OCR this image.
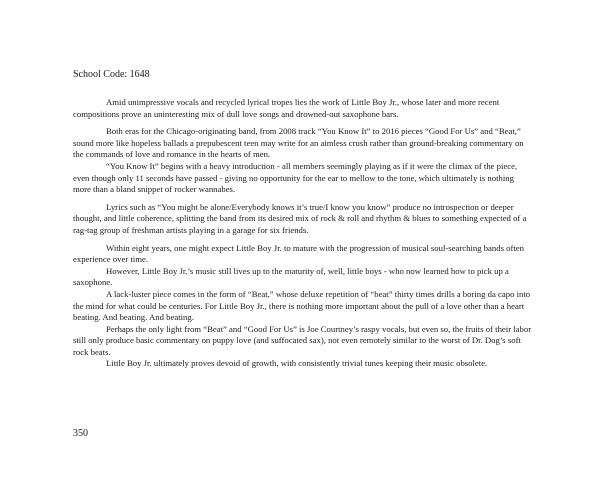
School Code: 1648

Amid unimpressive vocals and recycled lyrical tropes lies the work of Little Boy Jr., whose later and more recent compositions prove an uninteresting mix of dull love songs and drowned-out saxophone bars.

Both eras for the Chicago-originating band, from 2008 track “You Know It” to 2016 pieces “Good For Us” and “Beat,” sound more like hopeless ballads a prepubescent teen may write for an aimless crush rather than ground-breaking commentary on the commands of love and romance in the hearts of men.

“You Know It” begins with a heavy introduction - all members seemingly playing as if it were the climax of the piece, even though only 11 seconds have passed - giving no opportunity for the ear to mellow to the tone, which ultimately is nothing more than a bland snippet of rocker wannabes.

Lyrics such as “You might be alone/Everybody knows it’s true/I know you know” produce no introspection or deeper thought, and little coherence, splitting the band from its desired mix of rock & roll and rhythm & blues to something expected of a rag-tag group of freshman artists playing in a garage for six friends.

Within eight years, one might expect Little Boy Jr. to mature with the progression of musical soul-searching bands often experience over time.

However, Little Boy Jr.’s music still lives up to the maturity of, well, little boys - who now learned how to pick up a saxophone.

A lack-luster piece comes in the form of “Beat,” whose deluxe repetition of “beat” thirty times drills a boring da capo into the mind for what could be centuries. For Little Boy Jr., there is nothing more important about the pull of a love other than a heart beating. And beating. And beating.

Perhaps the only light from “Beat” and “Good For Us” is Joe Courtney’s raspy vocals, but even so, the fruits of their labor still only produce basic commentary on puppy love (and suffocated sax), not even remotely similar to the worst of Dr. Dog’s soft rock beats.

Little Boy Jr. ultimately proves devoid of growth, with consistently trivial tunes keeping their music obsolete.

350
